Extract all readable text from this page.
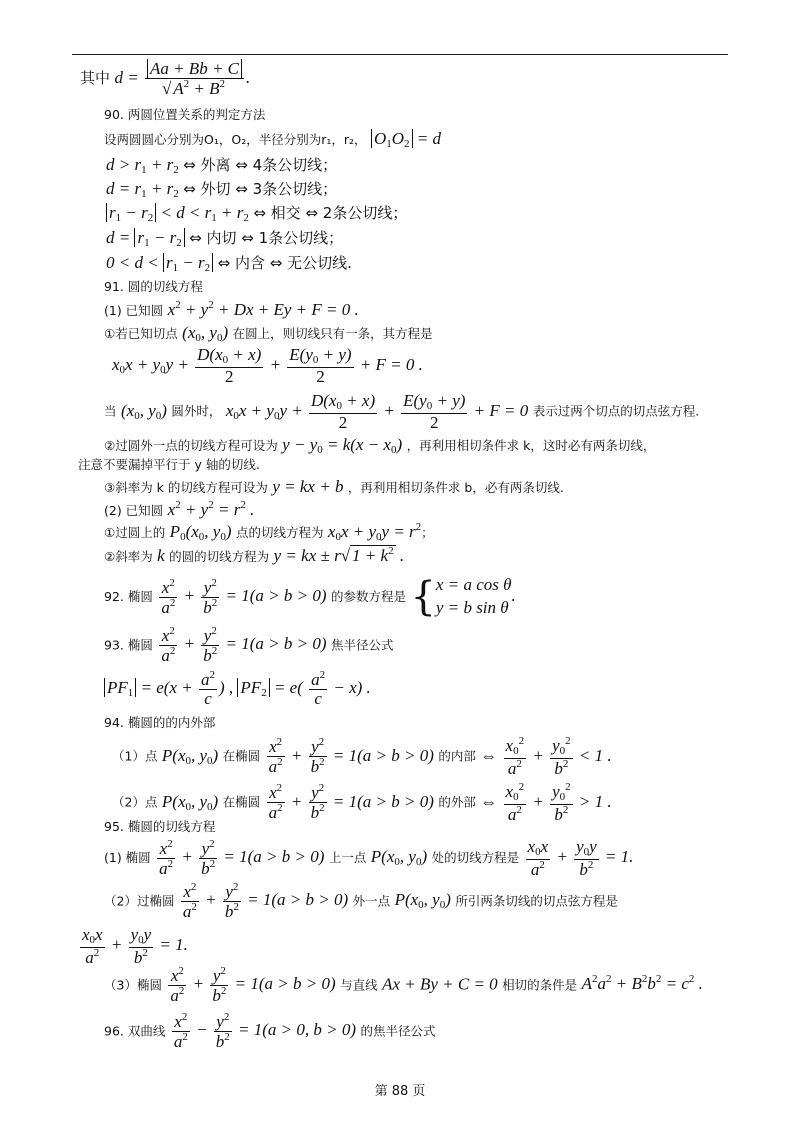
其中 $d = \frac{Aa + Bb + C}{√ A^2 + B^2}$ .
90. 两圆位置关系的判定方法
设两圆圆心分别为O₁，O₂，半径分别为r₁，r₂， $O_1O_2 = d$
$d > r_1 + r_2$ ⇔ 外离 ⇔ 4条公切线；
$d = r_1 + r_2$ ⇔ 外切 ⇔ 3条公切线；
$r_1 - r_2 < d < r_1 + r_2$ ⇔ 相交 ⇔ 2条公切线；
$d = r_1 - r_2$ ⇔ 内切 ⇔ 1条公切线；
$0 < d < r_1 - r_2$ ⇔ 内含 ⇔ 无公切线.
91. 圆的切线方程
(1) 已知圆 $x^2 + y^2 + Dx + Ey + F = 0$ .
①若已知切点 ($x_0$, $y_0$) 在圆上，则切线只有一条，其方程是
$x_0x + y_0y + \frac{D(x_0 + x)}{2} + \frac{E(y_0 + y)}{2} + F = 0$ .
当 ($x_0$, $y_0$) 圆外时， $x_0x + y_0y + \frac{D(x_0 + x)}{2} + \frac{E(y_0 + y)}{2} + F = 0$ 表示过两个切点的切点弦方程.
②过圆外一点的切线方程可设为 $y - y_0 = k(x - x_0)$ ，再利用相切条件求 k，这时必有两条切线，
注意不要漏掉平行于 y 轴的切线.
③斜率为 k 的切线方程可设为 y = kx + b ，再利用相切条件求 b，必有两条切线.
(2) 已知圆 $x^2 + y^2 = r^2$ .
①过圆上的 $P_0(x_0$, $y_0$) 点的切线方程为 $x_0x + y_0y = r^2$；
②斜率为 k 的圆的切线方程为 y = kx ± r√ $1 + k^2$ .
92. 椭圆 $\frac{x^2}{a^2} + \frac{y^2}{b^2} = 1(a > b > 0)$ 的参数方程是 { x = a cos θ
y = b sin θ
.
93. 椭圆 $\frac{x^2}{a^2} + \frac{y^2}{b^2} = 1(a > b > 0)$ 焦半径公式
$PF_1 = e(x + \frac{a^2}{c}$ ) , $PF_2 = e( \frac{a^2}{c} - x)$ .
94. 椭圆的的内外部
（1）点 $P(x_0$, $y_0$) 在椭圆 $\frac{x^2}{a^2} + \frac{y^2}{b^2} = 1(a > b > 0)$ 的内部 ⇔ $\frac{x_0^2}{a^2} + \frac{y_0^2}{b^2} < 1$ .
（2）点 $P(x_0$, $y_0$) 在椭圆 $\frac{x^2}{a^2} + \frac{y^2}{b^2} = 1(a > b > 0)$ 的外部 ⇔ $\frac{x_0^2}{a^2} + \frac{y_0^2}{b^2} > 1$ .
95. 椭圆的切线方程
(1) 椭圆 $\frac{x^2}{a^2} + \frac{y^2}{b^2} = 1(a > b > 0)$ 上一点 $P(x_0$, $y_0$) 处的切线方程是 $\frac{x_0x}{a^2} + \frac{y_0y}{b^2} = 1$.
（2）过椭圆 $\frac{x^2}{a^2} + \frac{y^2}{b^2} = 1(a > b > 0)$ 外一点 $P(x_0$, $y_0$) 所引两条切线的切点弦方程是
$\frac{x_0x}{a^2} + \frac{y_0y}{b^2} = 1$.
（3）椭圆 $\frac{x^2}{a^2} + \frac{y^2}{b^2} = 1(a > b > 0)$ 与直线 Ax + By + C = 0 相切的条件是 $A^2a^2 + B^2b^2 = c^2$ .
96. 双曲线 $\frac{x^2}{a^2} - \frac{y^2}{b^2} = 1(a > 0$, b > 0) 的焦半径公式
第 88 页
